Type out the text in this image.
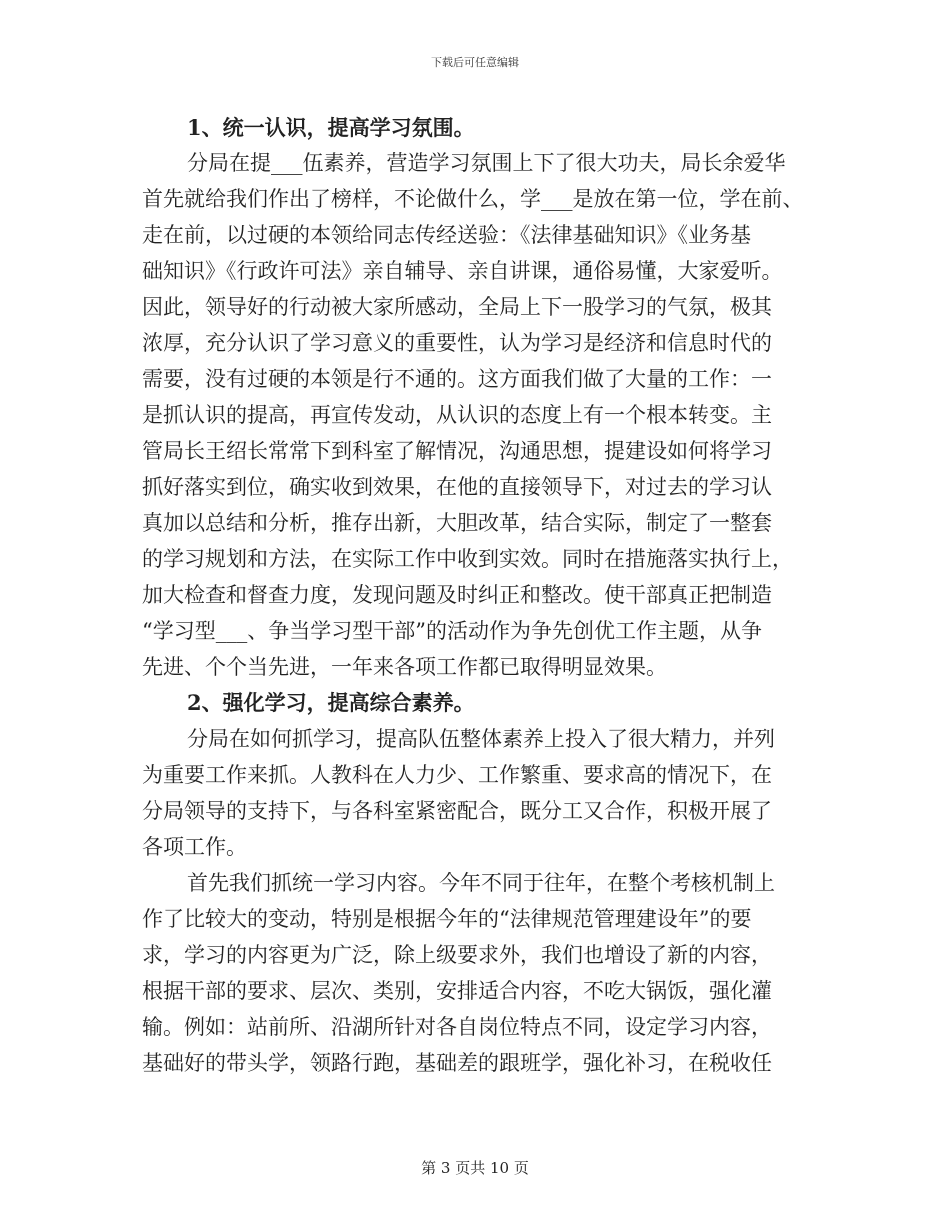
下载后可任意编辑
1、统一认识，提高学习氛围。
分局在提___伍素养，营造学习氛围上下了很大功夫，局长余爱华
首先就给我们作出了榜样，不论做什么，学___是放在第一位，学在前、
走在前，以过硬的本领给同志传经送验：《法律基础知识》《业务基
础知识》《行政许可法》亲自辅导、亲自讲课，通俗易懂，大家爱听。
因此，领导好的行动被大家所感动，全局上下一股学习的气氛，极其
浓厚，充分认识了学习意义的重要性，认为学习是经济和信息时代的
需要，没有过硬的本领是行不通的。这方面我们做了大量的工作：一
是抓认识的提高，再宣传发动，从认识的态度上有一个根本转变。主
管局长王绍长常常下到科室了解情况，沟通思想，提建设如何将学习
抓好落实到位，确实收到效果，在他的直接领导下，对过去的学习认
真加以总结和分析，推存出新，大胆改革，结合实际，制定了一整套
的学习规划和方法，在实际工作中收到实效。同时在措施落实执行上，
加大检查和督查力度，发现问题及时纠正和整改。使干部真正把制造
“学习型___、争当学习型干部”的活动作为争先创优工作主题，从争
先进、个个当先进，一年来各项工作都已取得明显效果。
2、强化学习，提高综合素养。
分局在如何抓学习，提高队伍整体素养上投入了很大精力，并列
为重要工作来抓。人教科在人力少、工作繁重、要求高的情况下，在
分局领导的支持下，与各科室紧密配合，既分工又合作，积极开展了
各项工作。
首先我们抓统一学习内容。今年不同于往年，在整个考核机制上
作了比较大的变动，特别是根据今年的“法律规范管理建设年”的要
求，学习的内容更为广泛，除上级要求外，我们也增设了新的内容，
根据干部的要求、层次、类别，安排适合内容，不吃大锅饭，强化灌
输。例如：站前所、沿湖所针对各自岗位特点不同，设定学习内容，
基础好的带头学，领路行跑，基础差的跟班学，强化补习，在税收任
第 3 页共 10 页
